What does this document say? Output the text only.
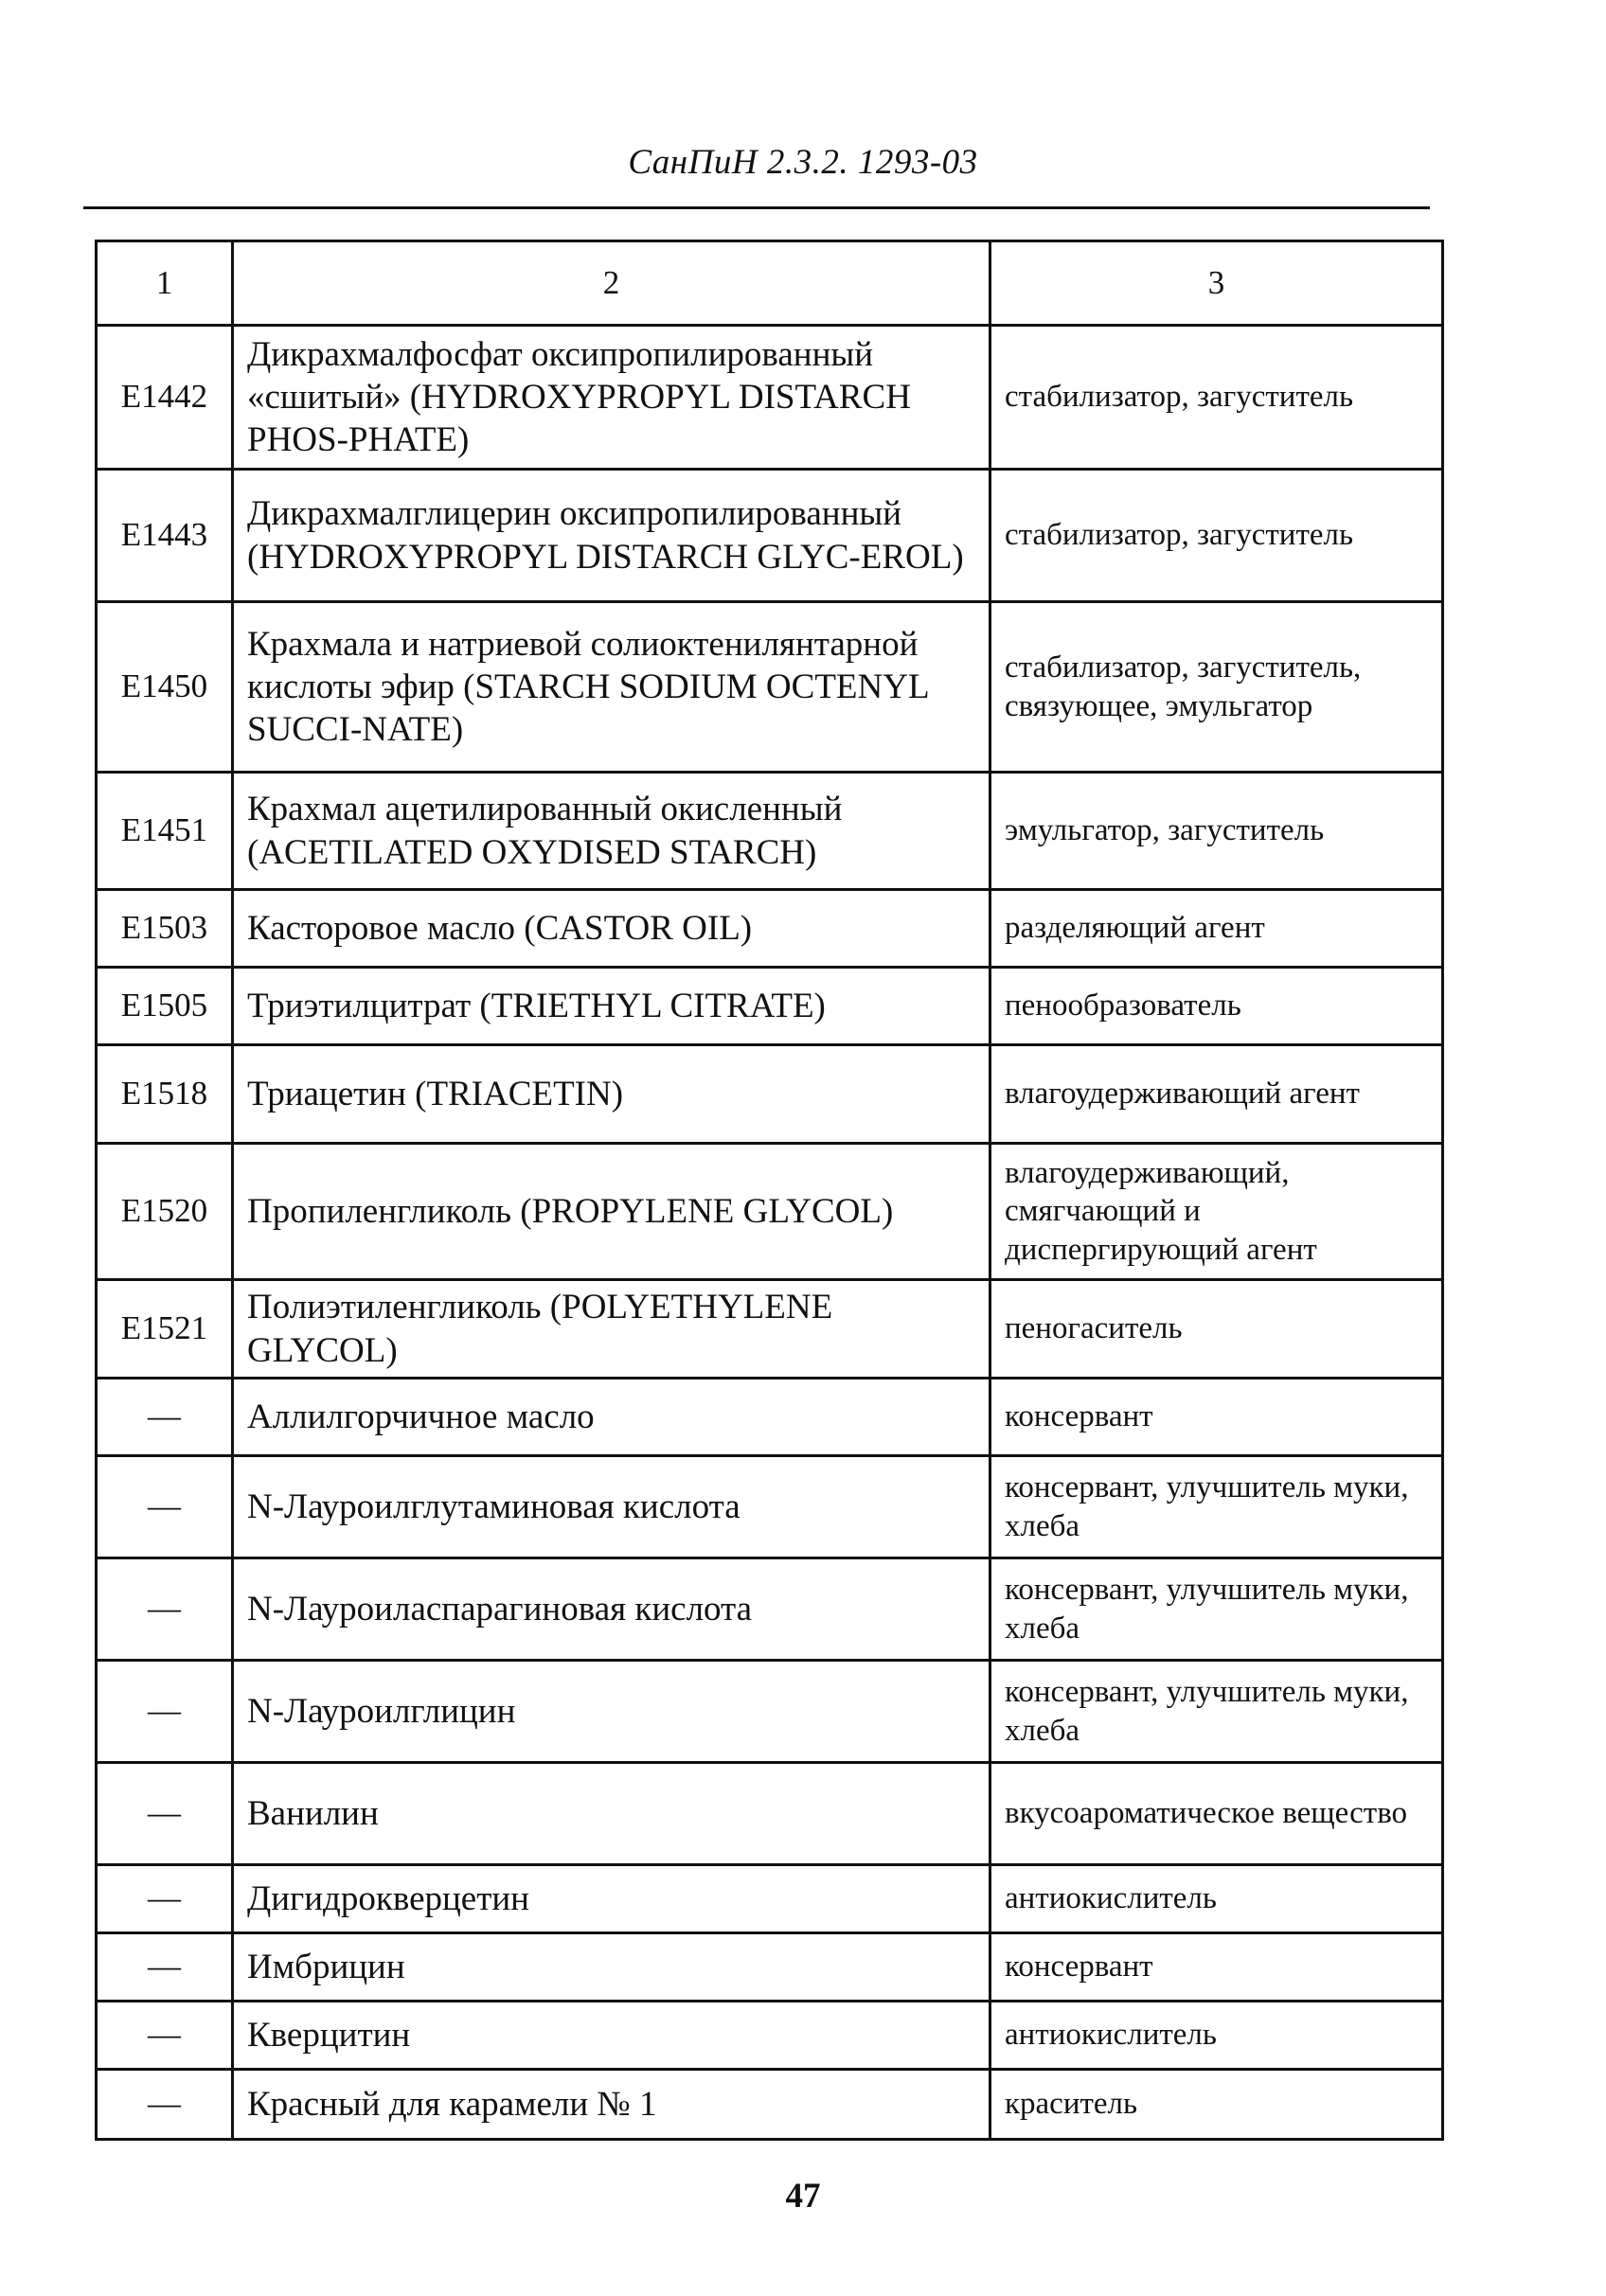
СанПиН 2.3.2. 1293-03
1	2	3
E1442	Дикрахмалфосфат оксипропилированный «сшитый» (HYDROXYPROPYL DISTARCH PHOS-PHATE)	стабилизатор, загуститель
E1443	Дикрахмалглицерин оксипропилированный (HYDROXYPROPYL DISTARCH GLYC-EROL)	стабилизатор, загуститель
E1450	Крахмала и натриевой солиоктенилянтарной кислоты эфир (STARCH SODIUM OCTENYL SUCCI-NATE)	стабилизатор, загуститель, связующее, эмульгатор
E1451	Крахмал ацетилированный окисленный (ACETILATED OXYDISED STARCH)	эмульгатор, загуститель
E1503	Касторовое масло (CASTOR OIL)	разделяющий агент
E1505	Триэтилцитрат (TRIETHYL CITRATE)	пенообразователь
E1518	Триацетин (TRIACETIN)	влагоудерживающий агент
E1520	Пропиленгликоль (PROPYLENE GLYCOL)	влагоудерживающий, смягчающий и диспергирующий агент
E1521	Полиэтиленгликоль (POLYETHYLENE GLYCOL)	пеногаситель
—	Аллилгорчичное масло	консервант
—	N-Лауроилглутаминовая кислота	консервант, улучшитель муки, хлеба
—	N-Лауроиласпарагиновая кислота	консервант, улучшитель муки, хлеба
—	N-Лауроилглицин	консервант, улучшитель муки, хлеба
—	Ванилин	вкусоароматическое вещество
—	Дигидрокверцетин	антиокислитель
—	Имбрицин	консервант
—	Кверцитин	антиокислитель
—	Красный для карамели № 1	краситель
47
